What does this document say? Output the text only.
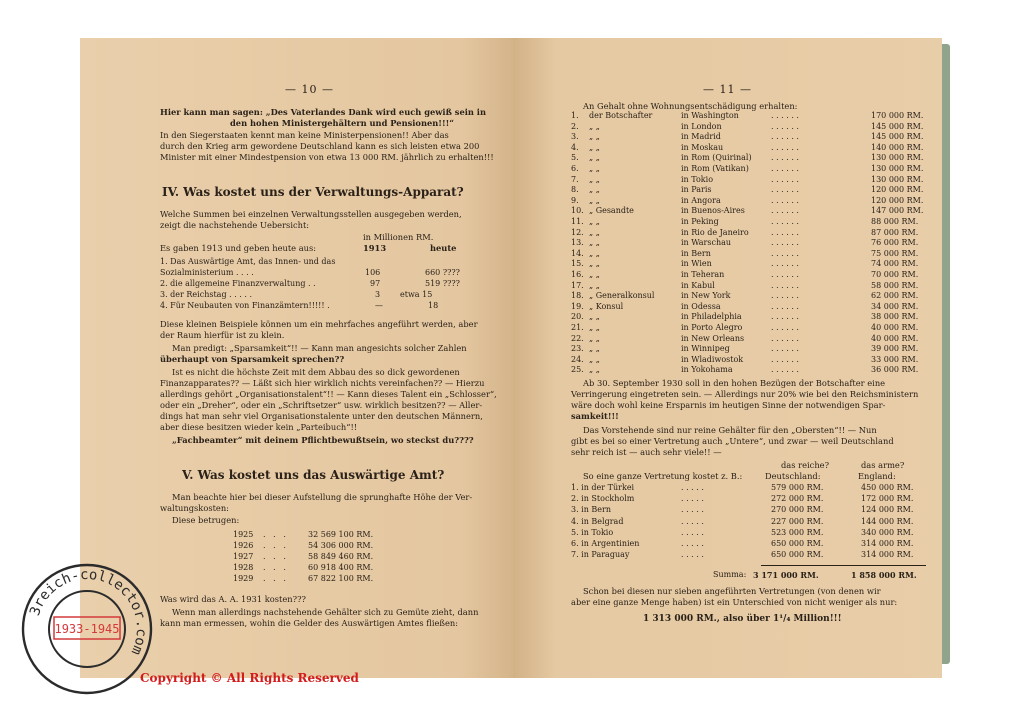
— 10 —
Hier kann man sagen: „Des Vaterlandes Dank wird euch gewiß sein in
den hohen Ministergehältern und Pensionen!!!“
In den Siegerstaaten kennt man keine Ministerpensionen!! Aber das
durch den Krieg arm gewordene Deutschland kann es sich leisten etwa 200
Minister mit einer Mindestpension von etwa 13 000 RM. jährlich zu erhalten!!!
IV. Was kostet uns der Verwaltungs-Apparat?
Welche Summen bei einzelnen Verwaltungsstellen ausgegeben werden,
zeigt die nachstehende Uebersicht:
in Millionen RM.
Es gaben 1913 und geben heute aus:	1913	heute
1. Das Auswärtige Amt, das Innen- und das
Sozialministerium . . . .	106	660 ????
2. die allgemeine Finanzverwaltung . .	97	519 ????
3. der Reichstag . . . . .	3 etwa 15
4. Für Neubauten von Finanzämtern!!!!! .	—	18
Diese kleinen Beispiele können um ein mehrfaches angeführt werden, aber
der Raum hierfür ist zu klein.
Man predigt: „Sparsamkeit“!! — Kann man angesichts solcher Zahlen
überhaupt von Sparsamkeit sprechen??
Ist es nicht die höchste Zeit mit dem Abbau des so dick gewordenen
Finanzapparates?? — Läßt sich hier wirklich nichts vereinfachen?? — Hierzu
allerdings gehört „Organisationstalent“!! — Kann dieses Talent ein „Schlosser“,
oder ein „Dreher“, oder ein „Schriftsetzer“ usw. wirklich besitzen?? — Aller-
dings hat man sehr viel Organisationstalente unter den deutschen Männern,
aber diese besitzen wieder kein „Parteibuch“!!
„Fachbeamter“ mit deinem Pflichtbewußtsein, wo steckst du????
V. Was kostet uns das Auswärtige Amt?
Man beachte hier bei dieser Aufstellung die sprunghafte Höhe der Ver-
waltungskosten:
Diese betrugen:
1925 .   .   .	32 569 100 RM.
1926 .   .   .	54 306 000 RM.
1927 .   .   .	58 849 460 RM.
1928 .   .   .	60 918 400 RM.
1929 .   .   .	67 822 100 RM.
Was wird das A. A. 1931 kosten???
Wenn man allerdings nachstehende Gehälter sich zu Gemüte zieht, dann
kann man ermessen, wohin die Gelder des Auswärtigen Amtes fließen:
— 11 —
An Gehalt ohne Wohnungsentschädigung erhalten:
1. der Botschafter	in Washington	. . . . . .	170 000 RM.
2. „ „	in London	. . . . . .	145 000 RM.
3. „ „	in Madrid	. . . . . .	145 000 RM.
4. „ „	in Moskau	. . . . . .	140 000 RM.
5. „ „	in Rom (Quirinal) . . . . . .	130 000 RM.
6. „ „	in Rom (Vatikan)	. . . . . .	130 000 RM.
7. „ „	in Tokio	. . . . . .	130 000 RM.
8. „ „	in Paris	. . . . . .	120 000 RM.
9. „ „	in Angora	. . . . . .	120 000 RM.
10. „ Gesandte	in Buenos-Aires	. . . . . .	147 000 RM.
11. „ „	in Peking	. . . . . .	88 000 RM.
12. „ „	in Rio de Janeiro	. . . . . .	87 000 RM.
13. „ „	in Warschau	. . . . . .	76 000 RM.
14. „ „	in Bern	. . . . . .	75 000 RM.
15. „ „	in Wien	. . . . . .	74 000 RM.
16. „ „	in Teheran	. . . . . .	70 000 RM.
17. „ „	in Kabul	. . . . . .	58 000 RM.
18. „ Generalkonsul	in New York	. . . . . .	62 000 RM.
19. „ Konsul	in Odessa	. . . . . .	34 000 RM.
20. „ „	in Philadelphia	. . . . . .	38 000 RM.
21. „ „	in Porto Alegro	. . . . . .	40 000 RM.
22. „ „	in New Orleans	. . . . . .	40 000 RM.
23. „ „	in Winnipeg	. . . . . .	39 000 RM.
24. „ „	in Wladiwostok	. . . . . .	33 000 RM.
25. „ „	in Yokohama	. . . . . .	36 000 RM.
Ab 30. September 1930 soll in den hohen Bezügen der Botschafter eine
Verringerung eingetreten sein. — Allerdings nur 20% wie bei den Reichsministern
wäre doch wohl keine Ersparnis im heutigen Sinne der notwendigen Spar-
samkeit!!!
Das Vorstehende sind nur reine Gehälter für den „Obersten“!! — Nun
gibt es bei so einer Vertretung auch „Untere“, und zwar — weil Deutschland
sehr reich ist — auch sehr viele!! —
das reiche?	das arme?
So eine ganze Vertretung kostet z. B.:	Deutschland:	England:
1. in der Türkei	. . . . .	579 000 RM.	450 000 RM.
2. in Stockholm	. . . . .	272 000 RM.	172 000 RM.
3. in Bern	. . . . .	270 000 RM.	124 000 RM.
4. in Belgrad	. . . . .	227 000 RM.	144 000 RM.
5. in Tokio	. . . . .	523 000 RM.	340 000 RM.
6. in Argentinien	. . . . .	650 000 RM.	314 000 RM.
7. in Paraguay	. . . . .	650 000 RM.	314 000 RM.
Summa: 3 171 000 RM.	1 858 000 RM.
Schon bei diesen nur sieben angeführten Vertretungen (von denen wir
aber eine ganze Menge haben) ist ein Unterschied von nicht weniger als nur:
1 313 000 RM., also über 1¹/₄ Million!!!
3reich-collector.com
1933-1945
Copyright © All Rights Reserved
